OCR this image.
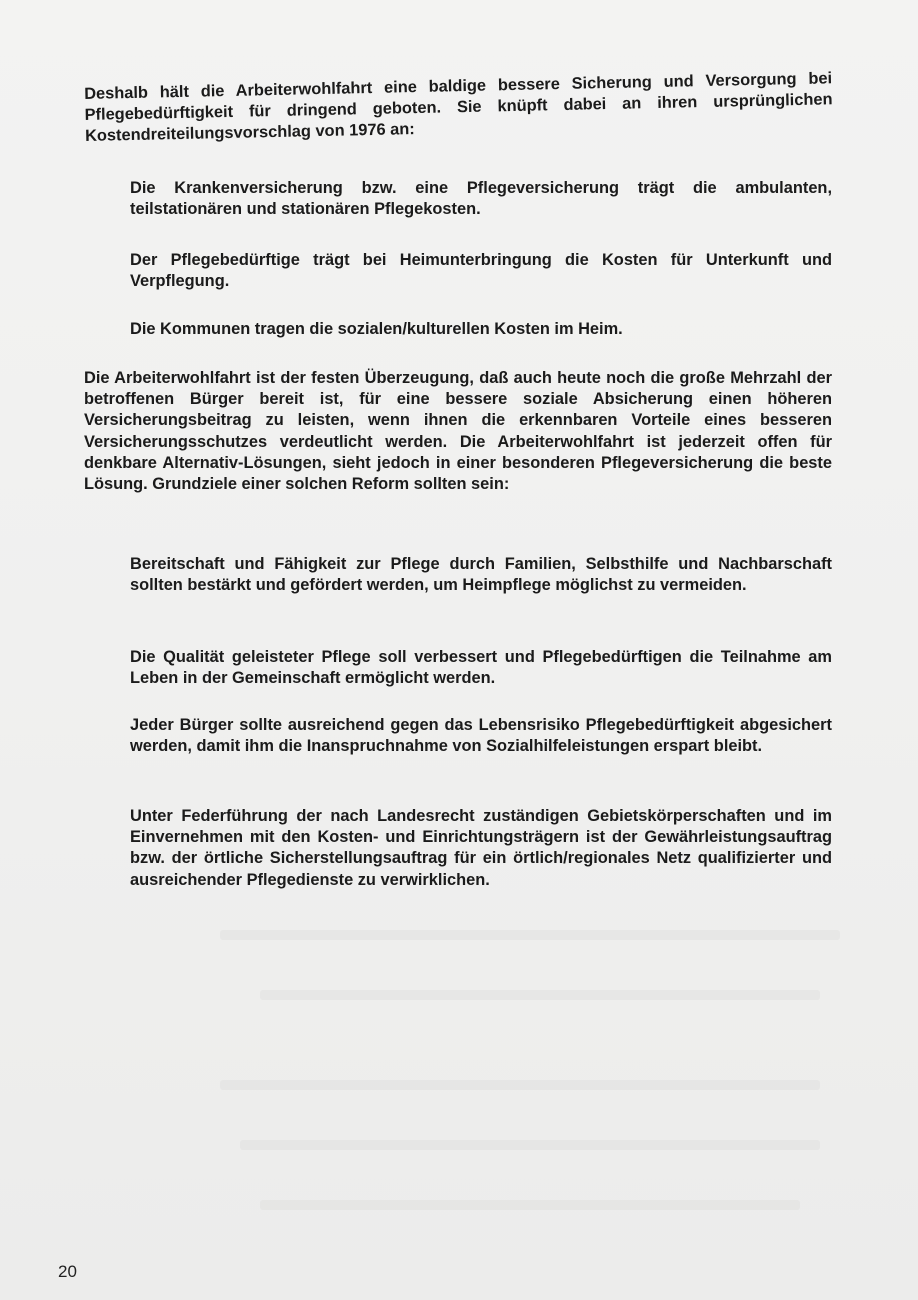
Deshalb hält die Arbeiterwohlfahrt eine baldige bessere Sicherung und Versorgung bei Pflegebedürftigkeit für dringend geboten. Sie knüpft dabei an ihren ursprünglichen Kostendreiteilungsvorschlag von 1976 an:

Die Krankenversicherung bzw. eine Pflegeversicherung trägt die ambulanten, teilstationären und stationären Pflegekosten.

Der Pflegebedürftige trägt bei Heimunterbringung die Kosten für Unterkunft und Verpflegung.

Die Kommunen tragen die sozialen/kulturellen Kosten im Heim.

Die Arbeiterwohlfahrt ist der festen Überzeugung, daß auch heute noch die große Mehrzahl der betroffenen Bürger bereit ist, für eine bessere soziale Absicherung einen höheren Versicherungsbeitrag zu leisten, wenn ihnen die erkennbaren Vorteile eines besseren Versicherungsschutzes verdeutlicht werden. Die Arbeiterwohlfahrt ist jederzeit offen für denkbare Alternativ-Lösungen, sieht jedoch in einer besonderen Pflegeversicherung die beste Lösung. Grundziele einer solchen Reform sollten sein:

Bereitschaft und Fähigkeit zur Pflege durch Familien, Selbsthilfe und Nachbarschaft sollten bestärkt und gefördert werden, um Heimpflege möglichst zu vermeiden.

Die Qualität geleisteter Pflege soll verbessert und Pflegebedürftigen die Teilnahme am Leben in der Gemeinschaft ermöglicht werden.

Jeder Bürger sollte ausreichend gegen das Lebensrisiko Pflegebedürftigkeit abgesichert werden, damit ihm die Inanspruchnahme von Sozialhilfeleistungen erspart bleibt.

Unter Federführung der nach Landesrecht zuständigen Gebietskörperschaften und im Einvernehmen mit den Kosten- und Einrichtungsträgern ist der Gewährleistungsauftrag bzw. der örtliche Sicherstellungsauftrag für ein örtlich/regionales Netz qualifizierter und ausreichender Pflegedienste zu verwirklichen.

20
